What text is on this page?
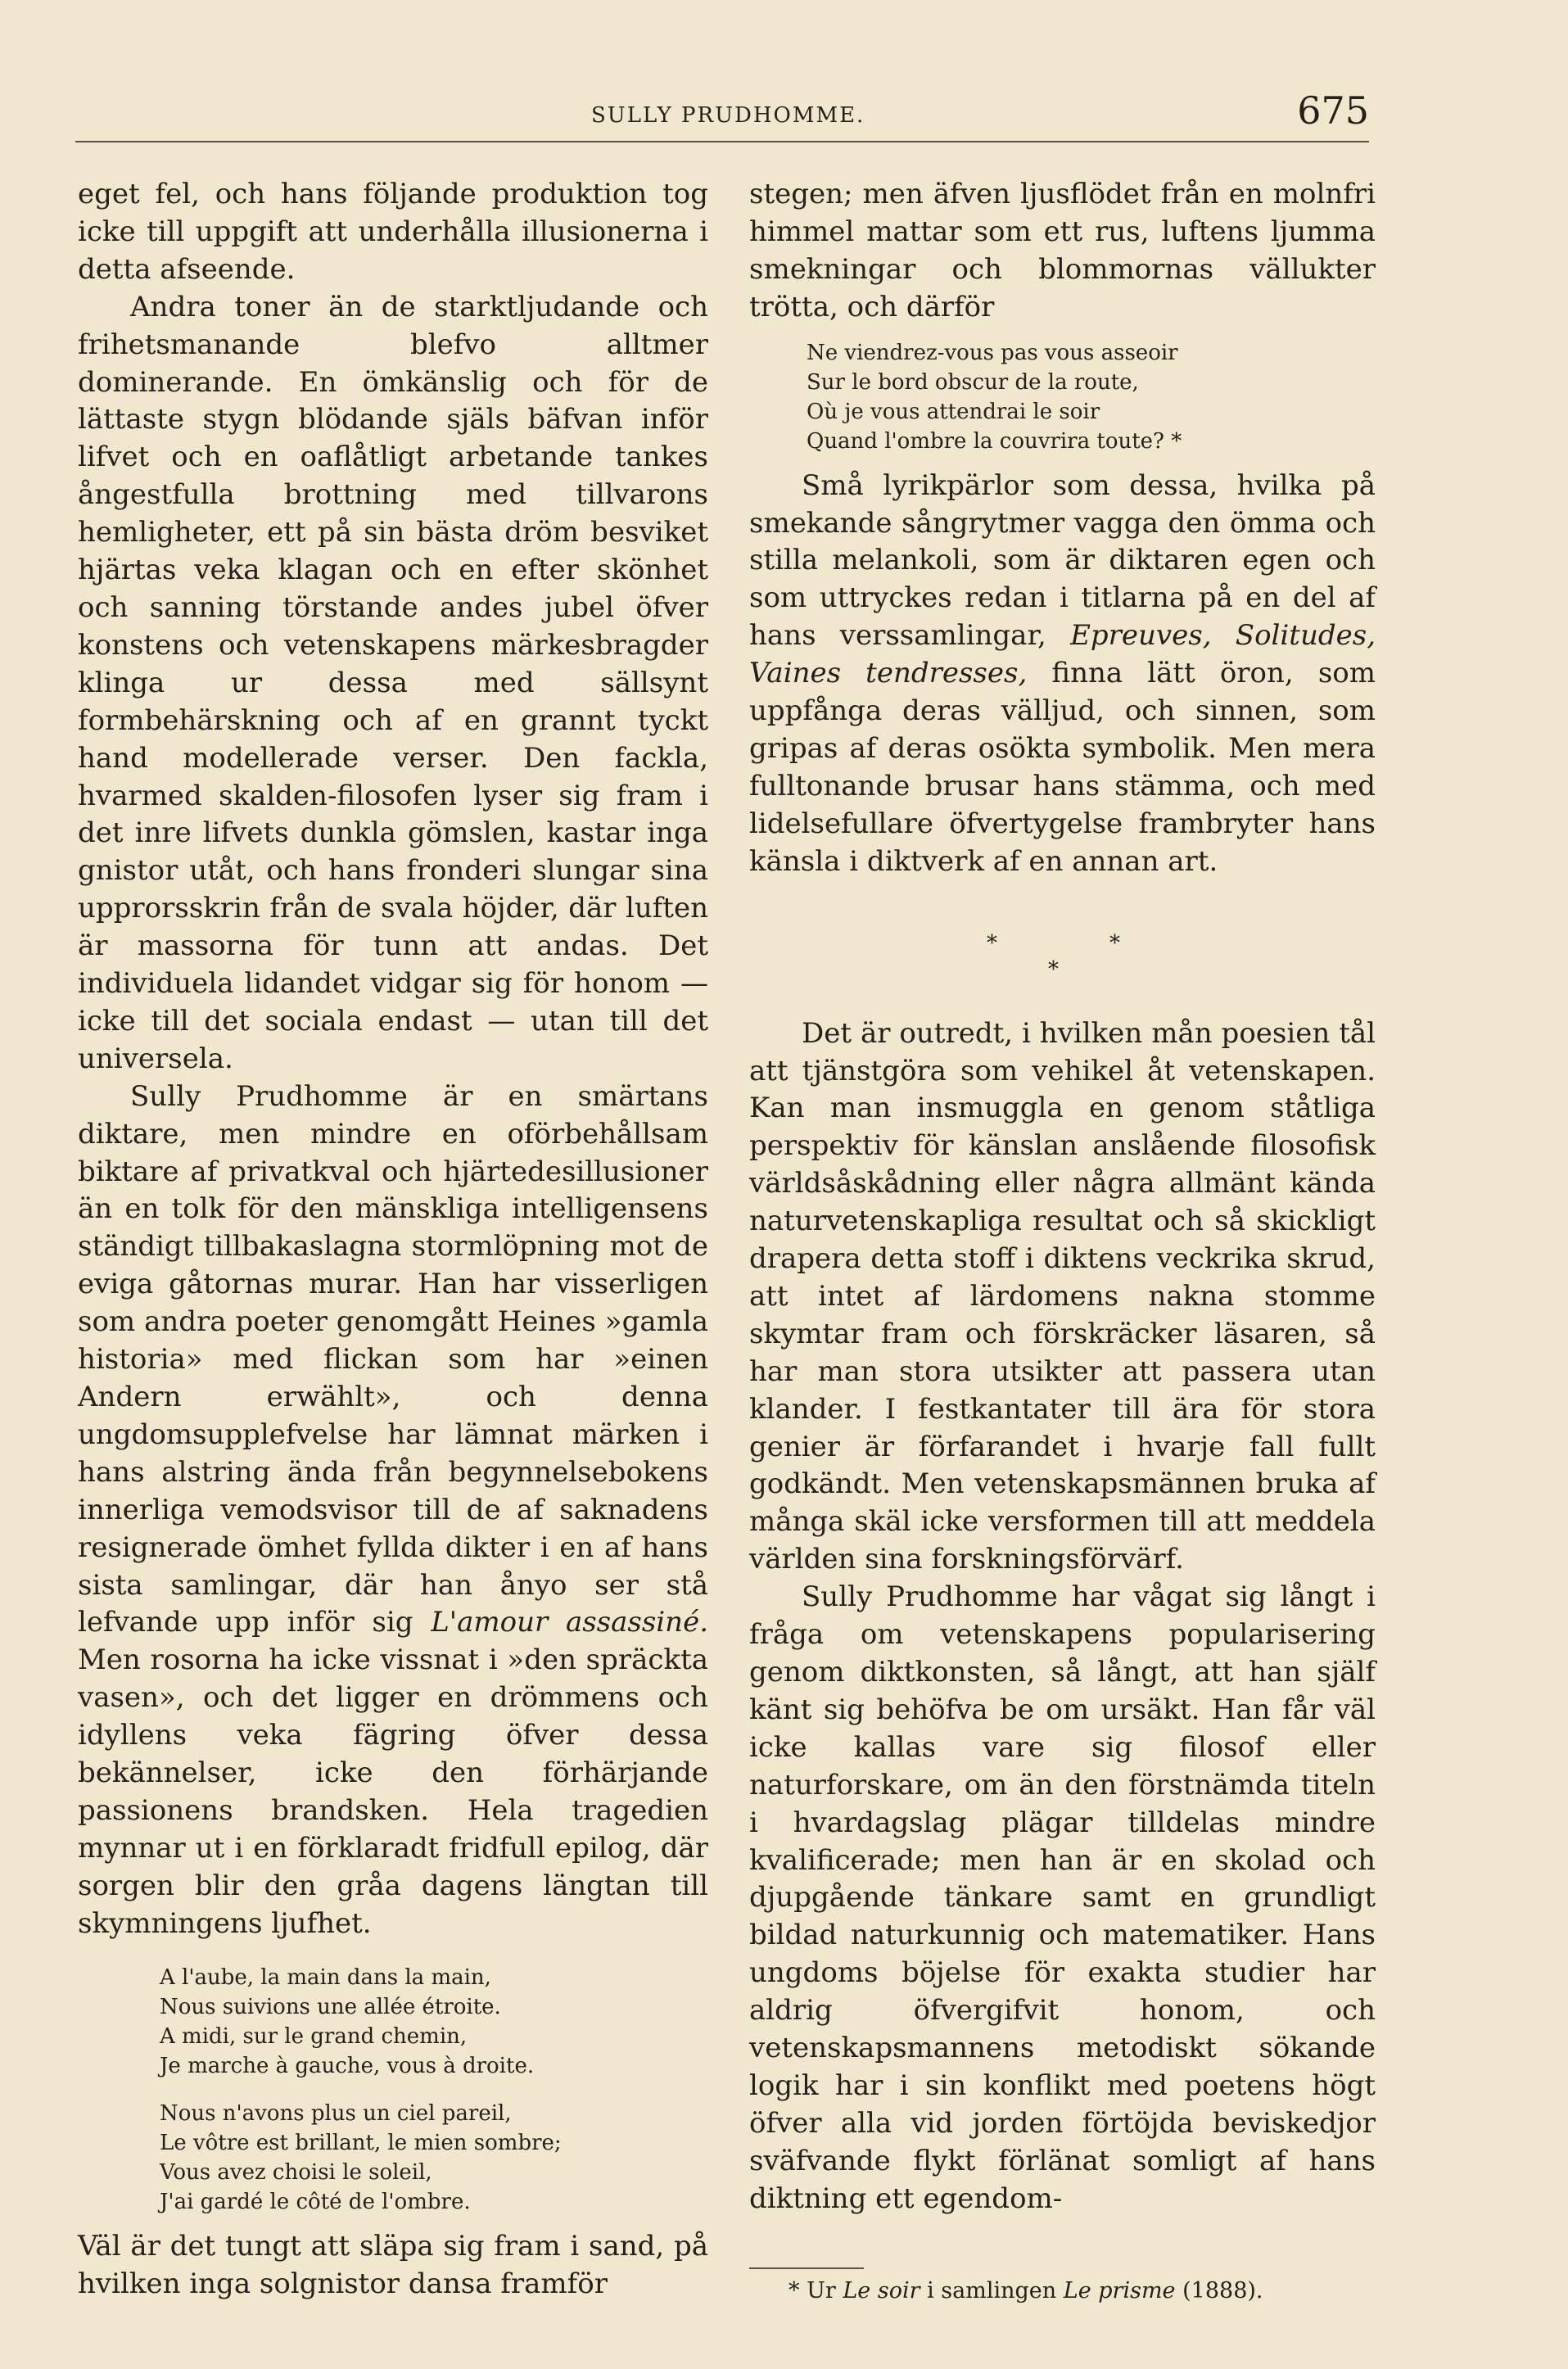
SULLY PRUDHOMME.	675

eget fel, och hans följande produktion tog icke till uppgift att underhålla illusionerna i detta afseende.

Andra toner än de starktljudande och frihetsmanande blefvo alltmer dominerande. En ömkänslig och för de lättaste stygn blödande själs bäfvan inför lifvet och en oaflåtligt arbetande tankes ångestfulla brottning med tillvarons hemligheter, ett på sin bästa dröm besviket hjärtas veka klagan och en efter skönhet och sanning törstande andes jubel öfver konstens och vetenskapens märkesbragder klinga ur dessa med sällsynt formbehärskning och af en grannt tyckt hand modellerade verser. Den fackla, hvarmed skalden-filosofen lyser sig fram i det inre lifvets dunkla gömslen, kastar inga gnistor utåt, och hans fronderi slungar sina upprorsskrin från de svala höjder, där luften är massorna för tunn att andas. Det individuela lidandet vidgar sig för honom — icke till det sociala endast — utan till det universela.

Sully Prudhomme är en smärtans diktare, men mindre en oförbehållsam biktare af privatkval och hjärtedesillusioner än en tolk för den mänskliga intelligensens ständigt tillbakaslagna stormlöpning mot de eviga gåtornas murar. Han har visserligen som andra poeter genomgått Heines »gamla historia» med flickan som har »einen Andern erwählt», och denna ungdomsupplefvelse har lämnat märken i hans alstring ända från begynnelsebokens innerliga vemodsvisor till de af saknadens resignerade ömhet fyllda dikter i en af hans sista samlingar, där han ånyo ser stå lefvande upp inför sig L'amour assassiné. Men rosorna ha icke vissnat i »den spräckta vasen», och det ligger en drömmens och idyllens veka fägring öfver dessa bekännelser, icke den förhärjande passionens brandsken. Hela tragedien mynnar ut i en förklaradt fridfull epilog, där sorgen blir den gråa dagens längtan till skymningens ljufhet.

A l'aube, la main dans la main,
Nous suivions une allée étroite.
A midi, sur le grand chemin,
Je marche à gauche, vous à droite.
Nous n'avons plus un ciel pareil,
Le vôtre est brillant, le mien sombre;
Vous avez choisi le soleil,
J'ai gardé le côté de l'ombre.

Väl är det tungt att släpa sig fram i sand, på hvilken inga solgnistor dansa framför

stegen; men äfven ljusflödet från en molnfri himmel mattar som ett rus, luftens ljumma smekningar och blommornas vällukter trötta, och därför

Ne viendrez-vous pas vous asseoir
Sur le bord obscur de la route,
Où je vous attendrai le soir
Quand l'ombre la couvrira toute? *

Små lyrikpärlor som dessa, hvilka på smekande sångrytmer vagga den ömma och stilla melankoli, som är diktaren egen och som uttryckes redan i titlarna på en del af hans verssamlingar, Epreuves, Solitudes, Vaines tendresses, finna lätt öron, som uppfånga deras välljud, och sinnen, som gripas af deras osökta symbolik. Men mera fulltonande brusar hans stämma, och med lidelsefullare öfvertygelse frambryter hans känsla i diktverk af en annan art.

*	*
*

Det är outredt, i hvilken mån poesien tål att tjänstgöra som vehikel åt vetenskapen. Kan man insmuggla en genom ståtliga perspektiv för känslan anslående filosofisk världsåskådning eller några allmänt kända naturvetenskapliga resultat och så skickligt drapera detta stoff i diktens veckrika skrud, att intet af lärdomens nakna stomme skymtar fram och förskräcker läsaren, så har man stora utsikter att passera utan klander. I festkantater till ära för stora genier är förfarandet i hvarje fall fullt godkändt. Men vetenskapsmännen bruka af många skäl icke versformen till att meddela världen sina forskningsförvärf.

Sully Prudhomme har vågat sig långt i fråga om vetenskapens popularisering genom diktkonsten, så långt, att han själf känt sig behöfva be om ursäkt. Han får väl icke kallas vare sig filosof eller naturforskare, om än den förstnämda titeln i hvardagslag plägar tilldelas mindre kvalificerade; men han är en skolad och djupgående tänkare samt en grundligt bildad naturkunnig och matematiker. Hans ungdoms böjelse för exakta studier har aldrig öfvergifvit honom, och vetenskapsmannens metodiskt sökande logik har i sin konflikt med poetens högt öfver alla vid jorden förtöjda beviskedjor sväfvande flykt förlänat somligt af hans diktning ett egendom-

* Ur Le soir i samlingen Le prisme (1888).
